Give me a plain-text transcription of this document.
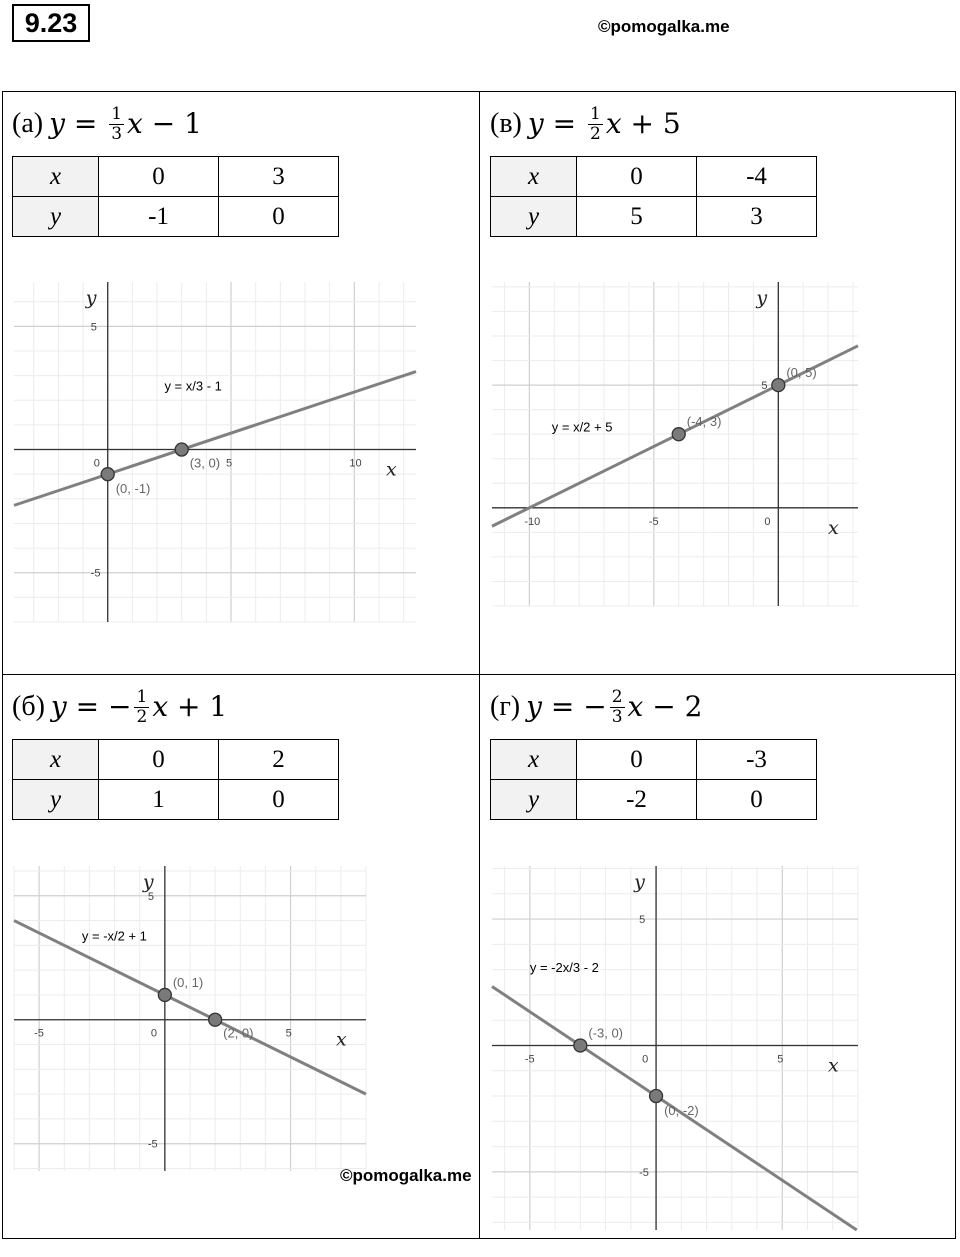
9.23	©pomogalka.me
(а) y
=
$\frac{1}{3}$ x
−
1
x	0	3
y	-1	0
0	5	10
5
-5
x
y
y = x/3 - 1
(0, -1)
(3, 0)
(в) y
=
$\frac{1}{2}$ x
+
5
x	0	-4
y	5	3
-10	-5	0
5
x
y
y = x/2 + 5
(0, 5)
(-4, 3)
(б) y
=
− $\frac{1}{2}$ x
+
1
x	0	2
y	1	0
-5	0	5
5
-5
x
y
y = -x/2 + 1
(0, 1)
(2, 0)
(г) y
=
− $\frac{2}{3}$ x
−
2
x	0	-3
y	-2	0
-5	0	5
5
-5
x
y
y = -2x/3 - 2
(-3, 0)
(0, -2)
©pomogalka.me
